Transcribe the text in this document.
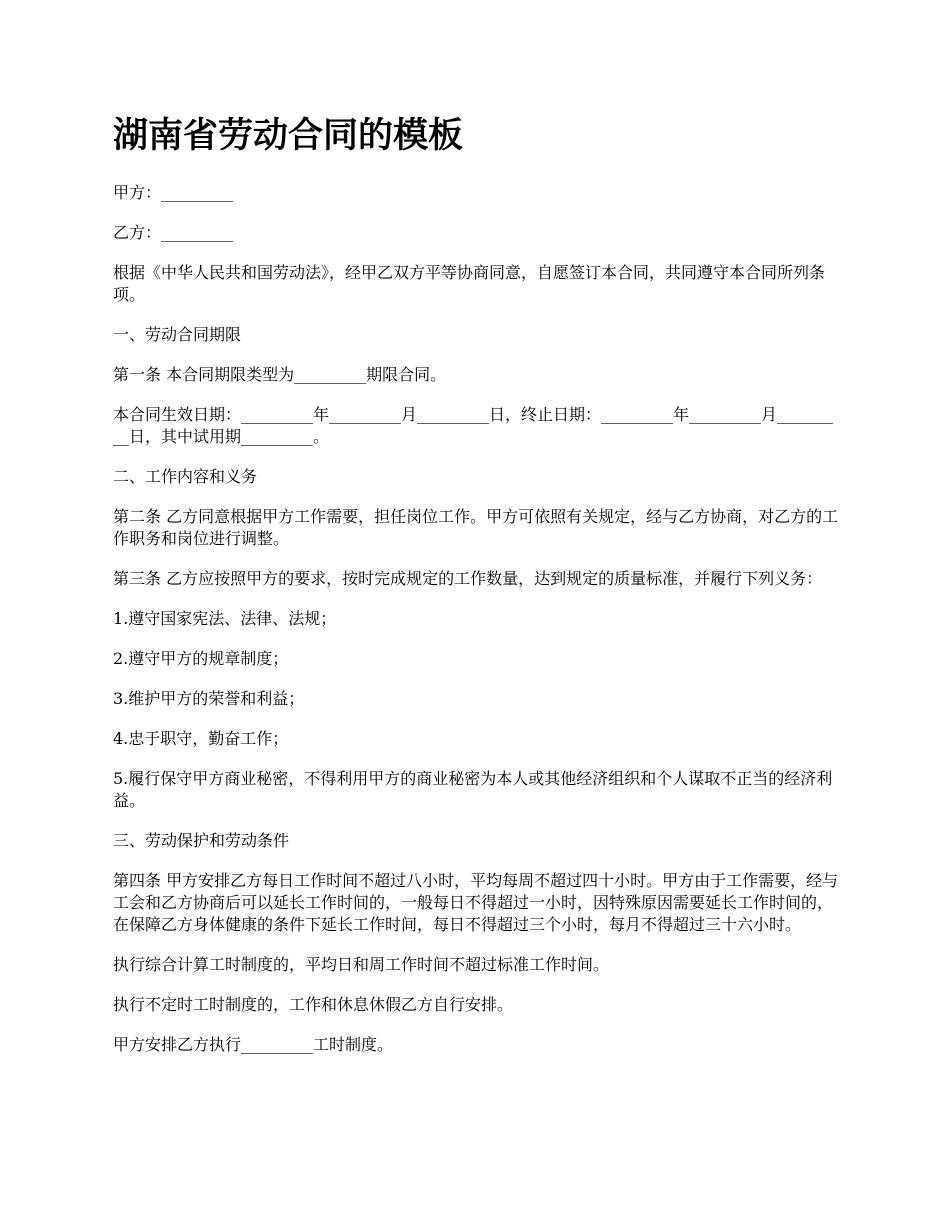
湖南省劳动合同的模板

甲方：_________

乙方：_________

根据《中华人民共和国劳动法》，经甲乙双方平等协商同意，自愿签订本合同，共同遵守本合同所列条项。

一、劳动合同期限

第一条 本合同期限类型为_________期限合同。

本合同生效日期：_________年_________月_________日，终止日期：_________年_________月_________日，其中试用期_________。

二、工作内容和义务

第二条 乙方同意根据甲方工作需要，担任岗位工作。甲方可依照有关规定，经与乙方协商，对乙方的工作职务和岗位进行调整。

第三条 乙方应按照甲方的要求，按时完成规定的工作数量，达到规定的质量标准，并履行下列义务：

1.遵守国家宪法、法律、法规；

2.遵守甲方的规章制度；

3.维护甲方的荣誉和利益；

4.忠于职守，勤奋工作；

5.履行保守甲方商业秘密，不得利用甲方的商业秘密为本人或其他经济组织和个人谋取不正当的经济利益。

三、劳动保护和劳动条件

第四条 甲方安排乙方每日工作时间不超过八小时，平均每周不超过四十小时。甲方由于工作需要，经与工会和乙方协商后可以延长工作时间的，一般每日不得超过一小时，因特殊原因需要延长工作时间的，在保障乙方身体健康的条件下延长工作时间，每日不得超过三个小时，每月不得超过三十六小时。

执行综合计算工时制度的，平均日和周工作时间不超过标准工作时间。

执行不定时工时制度的，工作和休息休假乙方自行安排。

甲方安排乙方执行_________工时制度。
